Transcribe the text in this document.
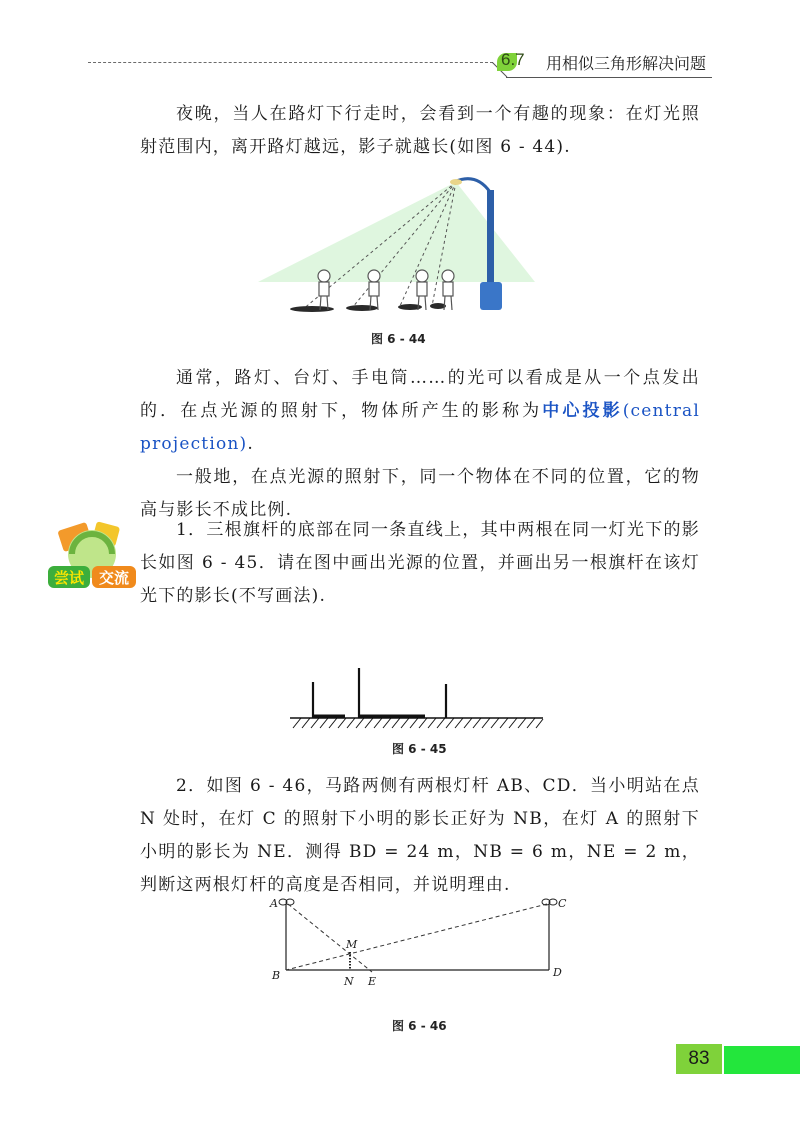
6.7 用相似三角形解决问题

夜晚，当人在路灯下行走时，会看到一个有趣的现象：在灯光照射范围内，离开路灯越远，影子就越长(如图 6 - 44).

图 6 - 44

通常，路灯、台灯、手电筒……的光可以看成是从一个点发出的．在点光源的照射下，物体所产生的影称为中心投影(central projection).

一般地，在点光源的照射下，同一个物体在不同的位置，它的物高与影长不成比例.

尝试 交流

1．三根旗杆的底部在同一条直线上，其中两根在同一灯光下的影长如图 6 - 45．请在图中画出光源的位置，并画出另一根旗杆在该灯光下的影长(不写画法).

图 6 - 45

2．如图 6 - 46，马路两侧有两根灯杆 AB、CD．当小明站在点 N 处时，在灯 C 的照射下小明的影长正好为 NB，在灯 A 的照射下小明的影长为 NE．测得 BD = 24 m，NB = 6 m，NE = 2 m，判断这两根灯杆的高度是否相同，并说明理由.

A	C
M
B	N E
D
图 6 - 46
83
